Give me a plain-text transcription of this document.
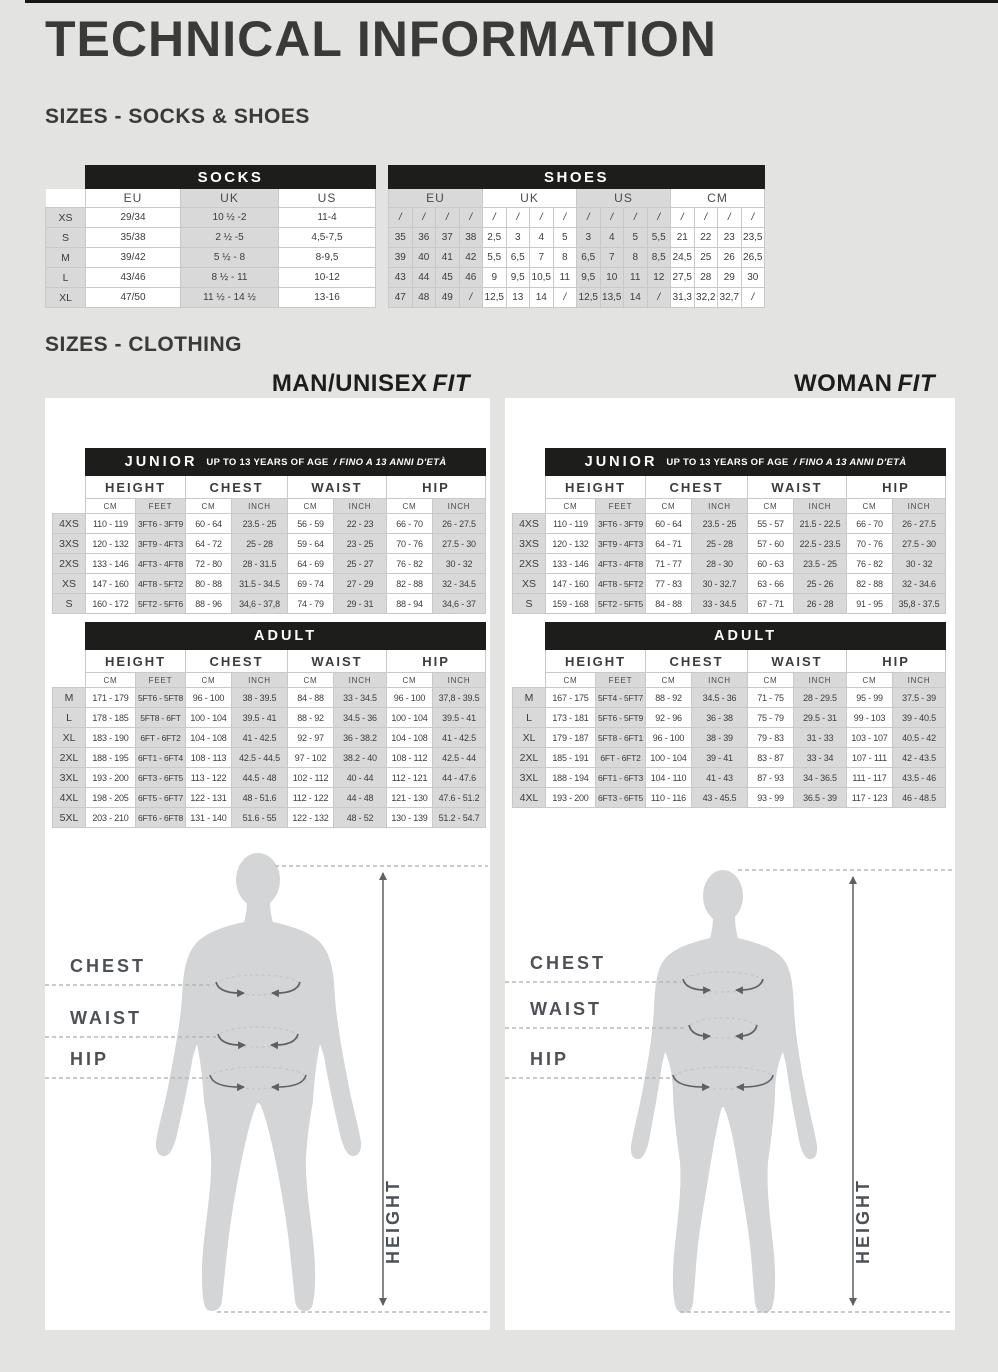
TECHNICAL INFORMATION
SIZES - SOCKS & SHOES
	SOCKS		
	EU	UK	US
XS	29/34	10 ½ -2	11-4
S	35/38	2 ½ -5	4,5-7,5
M	39/42	5 ½ - 8	8-9,5
L	43/46	8 ½ - 11	10-12
XL	47/50	11 ½ - 14 ½	13-16
SHOES															
EU				UK				US				CM			
/	/	/	/	/	/	/	/	/	/	/	/	/	/	/	/
35	36	37	38	2,5	3	4	5	3	4	5	5,5	21	22	23	23,5
39	40	41	42	5,5	6,5	7	8	6,5	7	8	8,5	24,5	25	26	26,5
43	44	45	46	9	9,5	10,5	11	9,5	10	11	12	27,5	28	29	30
47	48	49	/	12,5	13	14	/	12,5	13,5	14	/	31,3	32,2	32,7	/
SIZES - CLOTHING
MAN/UNISEX FIT

	JUNIOR UP TO 13 YEARS OF AGE / FINO A 13 ANNI D'ETÀ							

	HEIGHT		CHEST		WAIST		HIP	
	CM	FEET	CM	INCH	CM	INCH	CM	INCH
4XS	110 - 119	3FT6 - 3FT9	60 - 64	23.5 - 25	56 - 59	22 - 23	66 - 70	26 - 27.5
3XS	120 - 132	3FT9 - 4FT3	64 - 72	25 - 28	59 - 64	23 - 25	70 - 76	27.5 - 30
2XS	133 - 146	4FT3 - 4FT8	72 - 80	28 - 31.5	64 - 69	25 - 27	76 - 82	30 - 32
XS	147 - 160	4FT8 - 5FT2	80 - 88	31.5 - 34.5	69 - 74	27 - 29	82 - 88	32 - 34.5
S	160 - 172	5FT2 - 5FT6	88 - 96	34,6 - 37,8	74 - 79	29 - 31	88 - 94	34,6 - 37

	ADULT							

	HEIGHT		CHEST		WAIST		HIP	
	CM	FEET	CM	INCH	CM	INCH	CM	INCH
M	171 - 179	5FT6 - 5FT8	96 - 100	38 - 39.5	84 - 88	33 - 34.5	96 - 100	37,8 - 39.5
L	178 - 185	5FT8 - 6FT	100 - 104	39.5 - 41	88 - 92	34.5 - 36	100 - 104	39.5 - 41
XL	183 - 190	6FT - 6FT2	104 - 108	41 - 42.5	92 - 97	36 - 38.2	104 - 108	41 - 42.5
2XL	188 - 195	6FT1 - 6FT4	108 - 113	42.5 - 44.5	97 - 102	38.2 - 40	108 - 112	42.5 - 44
3XL	193 - 200	6FT3 - 6FT5	113 - 122	44.5 - 48	102 - 112	40 - 44	112 - 121	44 - 47.6
4XL	198 - 205	6FT5 - 6FT7	122 - 131	48 - 51.6	112 - 122	44 - 48	121 - 130	47.6 - 51.2
5XL	203 - 210	6FT6 - 6FT8	131 - 140	51.6 - 55	122 - 132	48 - 52	130 - 139	51.2 - 54.7
CHEST
WAIST
HIP
HEIGHT
WOMAN FIT

	JUNIOR UP TO 13 YEARS OF AGE / FINO A 13 ANNI D'ETÀ							

	HEIGHT		CHEST		WAIST		HIP	
	CM	FEET	CM	INCH	CM	INCH	CM	INCH
4XS	110 - 119	3FT6 - 3FT9	60 - 64	23.5 - 25	55 - 57	21.5 - 22.5	66 - 70	26 - 27.5
3XS	120 - 132	3FT9 - 4FT3	64 - 71	25 - 28	57 - 60	22.5 - 23.5	70 - 76	27.5 - 30
2XS	133 - 146	4FT3 - 4FT8	71 - 77	28 - 30	60 - 63	23.5 - 25	76 - 82	30 - 32
XS	147 - 160	4FT8 - 5FT2	77 - 83	30 - 32.7	63 - 66	25 - 26	82 - 88	32 - 34.6
S	159 - 168	5FT2 - 5FT5	84 - 88	33 - 34.5	67 - 71	26 - 28	91 - 95	35,8 - 37.5

	ADULT							

	HEIGHT		CHEST		WAIST		HIP	
	CM	FEET	CM	INCH	CM	INCH	CM	INCH
M	167 - 175	5FT4 - 5FT7	88 - 92	34.5 - 36	71 - 75	28 - 29.5	95 - 99	37.5 - 39
L	173 - 181	5FT6 - 5FT9	92 - 96	36 - 38	75 - 79	29.5 - 31	99 - 103	39 - 40.5
XL	179 - 187	5FT8 - 6FT1	96 - 100	38 - 39	79 - 83	31 - 33	103 - 107	40.5 - 42
2XL	185 - 191	6FT - 6FT2	100 - 104	39 - 41	83 - 87	33 - 34	107 - 111	42 - 43.5
3XL	188 - 194	6FT1 - 6FT3	104 - 110	41 - 43	87 - 93	34 - 36.5	111 - 117	43.5 - 46
4XL	193 - 200	6FT3 - 6FT5	110 - 116	43 - 45.5	93 - 99	36.5 - 39	117 - 123	46 - 48.5
CHEST
WAIST
HIP
HEIGHT
